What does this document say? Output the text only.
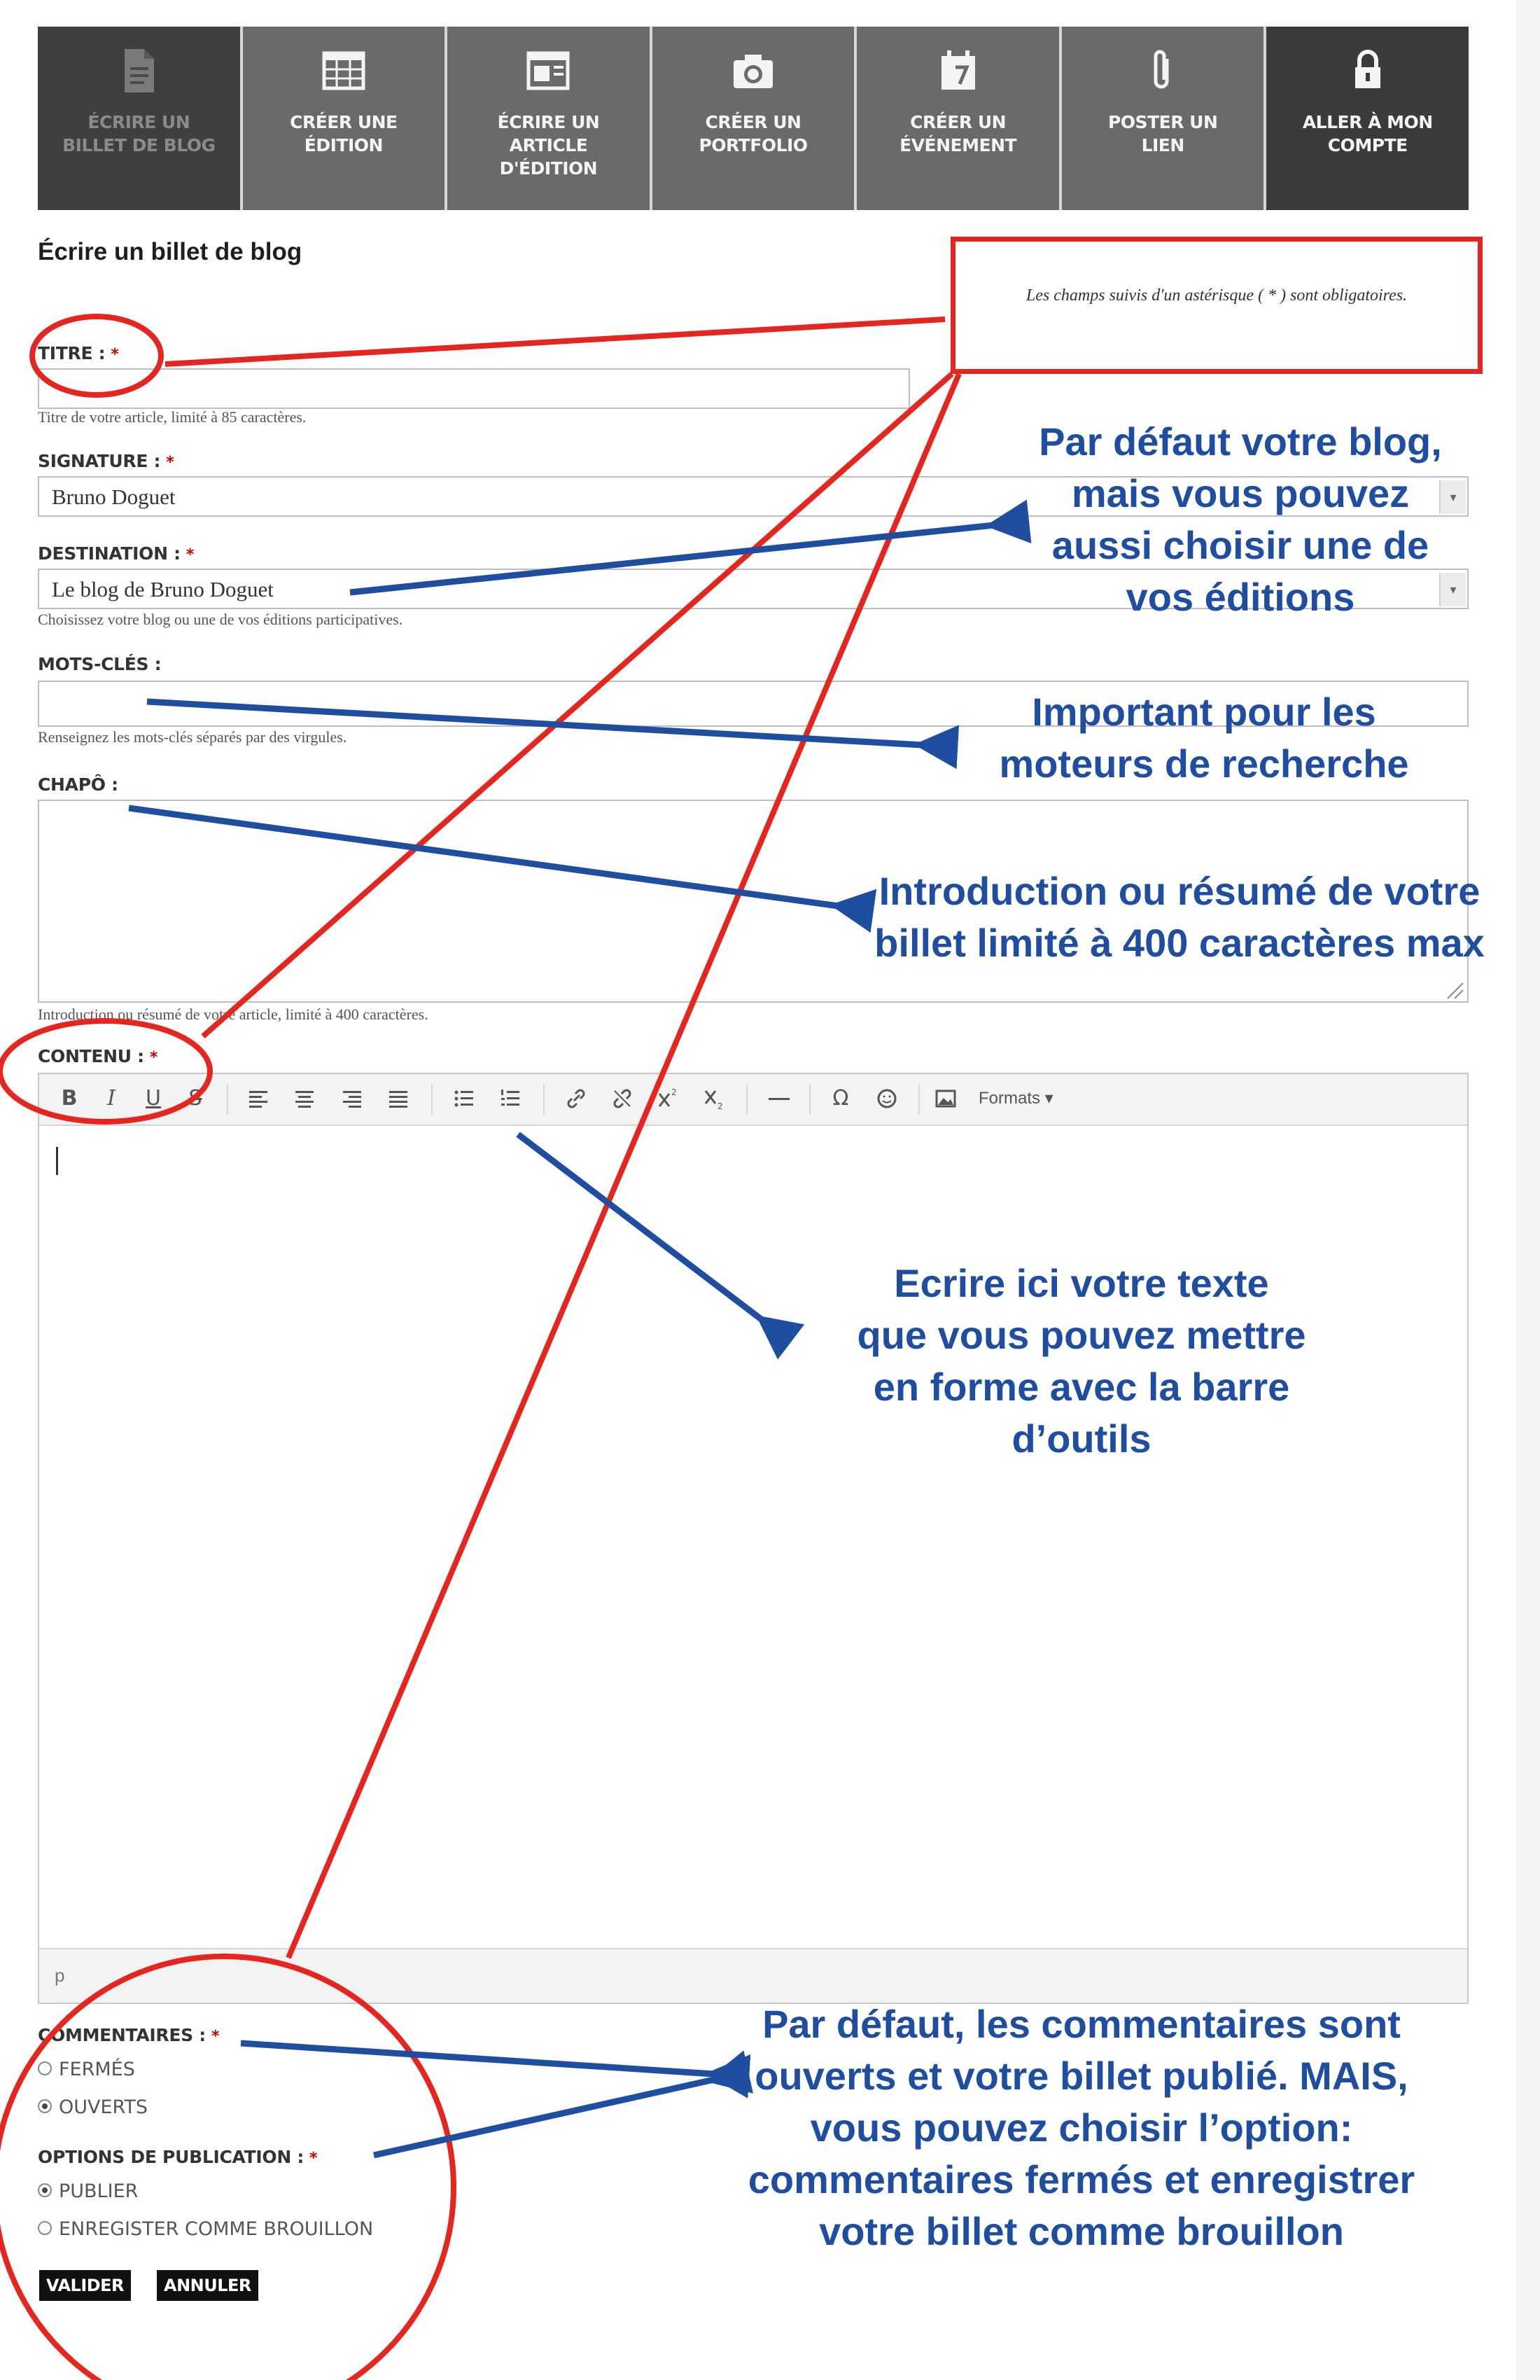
ÉCRIRE UN
BILLET DE BLOG
CRÉER UNE
ÉDITION
ÉCRIRE UN
ARTICLE
D'ÉDITION
CRÉER UN
PORTFOLIO
CRÉER UN
ÉVÉNEMENT
POSTER UN
LIEN
ALLER À MON
COMPTE
Écrire un billet de blog
Les champs suivis d'un astérisque ( * ) sont obligatoires.
TITRE : *
Titre de votre article, limité à 85 caractères.
SIGNATURE : *
Bruno Doguet	▾
DESTINATION : *
Le blog de Bruno Doguet	▾
Choisissez votre blog ou une de vos éditions participatives.
MOTS-CLÉS :
Renseignez les mots-clés séparés par des virgules.
CHAPÔ :
Introduction ou résumé de votre article, limité à 400 caractères.
CONTENU : *
B	I	U	S	2
2	Ω	Formats ▾
p
COMMENTAIRES : *
FERMÉS
OUVERTS
OPTIONS DE PUBLICATION : *
PUBLIER
ENREGISTER COMME BROUILLON
VALIDER	ANNULER
Par défaut votre blog,
mais vous pouvez
aussi choisir une de
vos éditions
Important pour les
moteurs de recherche
Introduction ou résumé de votre
billet limité à 400 caractères max
Ecrire ici votre texte
que vous pouvez mettre
en forme avec la barre
d’outils
Par défaut, les commentaires sont
ouverts et votre billet publié. MAIS,
vous pouvez choisir l’option:
commentaires fermés et enregistrer
votre billet comme brouillon
